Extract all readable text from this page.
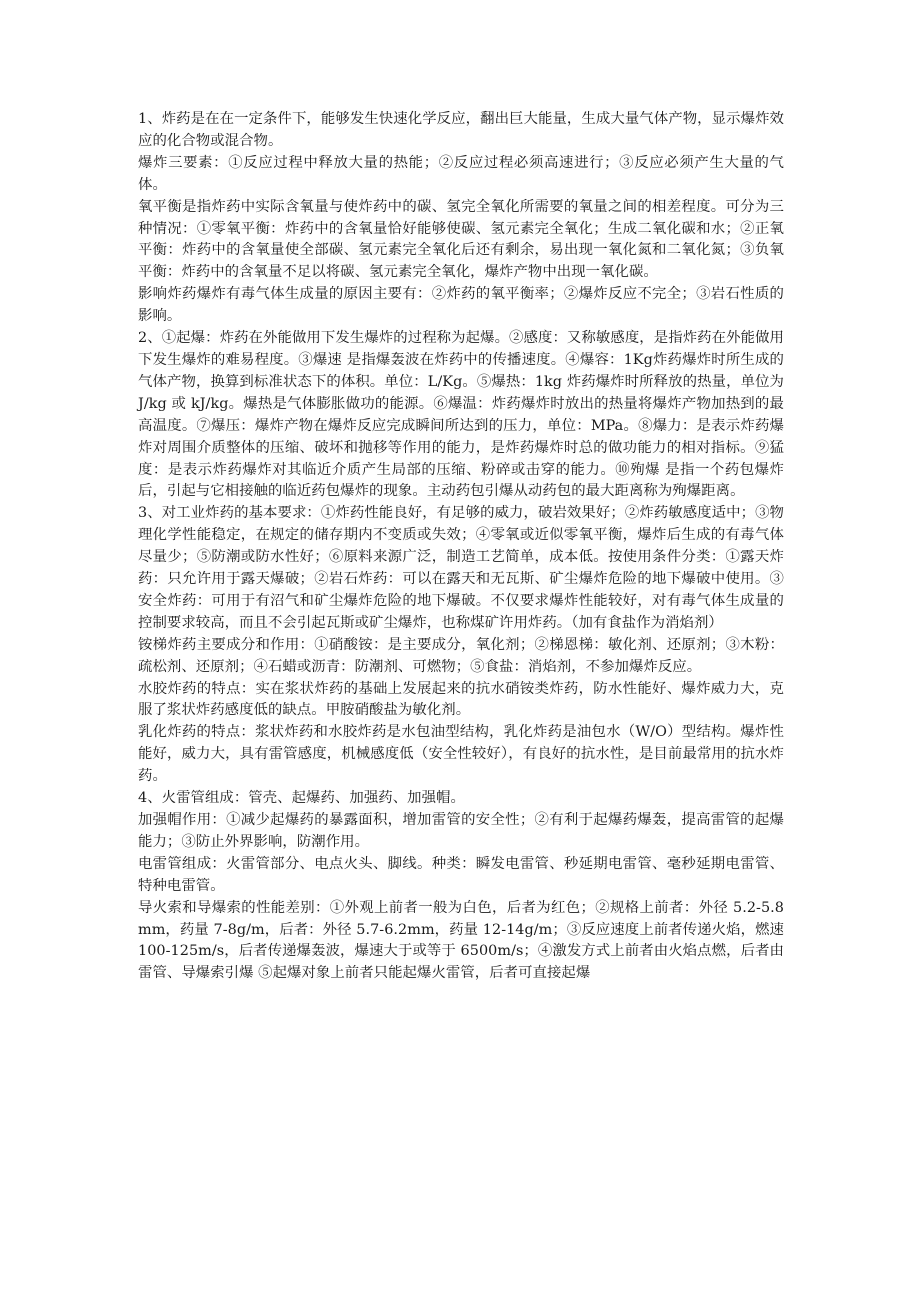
1、炸药是在在一定条件下，能够发生快速化学反应，翻出巨大能量，生成大量气体产物，显示爆炸效应的化合物或混合物。

爆炸三要素：①反应过程中释放大量的热能；②反应过程必须高速进行；③反应必须产生大量的气体。

氧平衡是指炸药中实际含氧量与使炸药中的碳、氢完全氧化所需要的氧量之间的相差程度。可分为三种情况：①零氧平衡：炸药中的含氧量恰好能够使碳、氢元素完全氧化；生成二氧化碳和水；②正氧平衡：炸药中的含氧量使全部碳、氢元素完全氧化后还有剩余，易出现一氧化氮和二氧化氮；③负氧平衡：炸药中的含氧量不足以将碳、氢元素完全氧化，爆炸产物中出现一氧化碳。

影响炸药爆炸有毒气体生成量的原因主要有：②炸药的氧平衡率；②爆炸反应不完全；③岩石性质的影响。

2、①起爆：炸药在外能做用下发生爆炸的过程称为起爆。②感度：又称敏感度，是指炸药在外能做用下发生爆炸的难易程度。③爆速 是指爆轰波在炸药中的传播速度。④爆容：1Kg炸药爆炸时所生成的气体产物，换算到标准状态下的体积。单位：L/Kg。⑤爆热：1kg 炸药爆炸时所释放的热量，单位为 J/kg 或 kJ/kg。爆热是气体膨胀做功的能源。⑥爆温：炸药爆炸时放出的热量将爆炸产物加热到的最高温度。⑦爆压：爆炸产物在爆炸反应完成瞬间所达到的压力，单位：MPa。⑧爆力：是表示炸药爆炸对周围介质整体的压缩、破坏和抛移等作用的能力，是炸药爆炸时总的做功能力的相对指标。⑨猛度：是表示炸药爆炸对其临近介质产生局部的压缩、粉碎或击穿的能力。⑩殉爆 是指一个药包爆炸后，引起与它相接触的临近药包爆炸的现象。主动药包引爆从动药包的最大距离称为殉爆距离。

3、对工业炸药的基本要求：①炸药性能良好，有足够的威力，破岩效果好；②炸药敏感度适中；③物理化学性能稳定，在规定的储存期内不变质或失效；④零氧或近似零氧平衡，爆炸后生成的有毒气体尽量少；⑤防潮或防水性好；⑥原料来源广泛，制造工艺简单，成本低。按使用条件分类：①露天炸药：只允许用于露天爆破；②岩石炸药：可以在露天和无瓦斯、矿尘爆炸危险的地下爆破中使用。③安全炸药：可用于有沼气和矿尘爆炸危险的地下爆破。不仅要求爆炸性能较好，对有毒气体生成量的控制要求较高，而且不会引起瓦斯或矿尘爆炸，也称煤矿许用炸药。（加有食盐作为消焰剂）

铵梯炸药主要成分和作用：①硝酸铵：是主要成分，氧化剂；②梯恩梯：敏化剂、还原剂；③木粉：疏松剂、还原剂；④石蜡或沥青：防潮剂、可燃物；⑤食盐：消焰剂，不参加爆炸反应。

水胶炸药的特点：实在浆状炸药的基础上发展起来的抗水硝铵类炸药，防水性能好、爆炸威力大，克服了浆状炸药感度低的缺点。甲胺硝酸盐为敏化剂。

乳化炸药的特点：浆状炸药和水胶炸药是水包油型结构，乳化炸药是油包水（W/O）型结构。爆炸性能好，威力大，具有雷管感度，机械感度低（安全性较好），有良好的抗水性，是目前最常用的抗水炸药。

4、火雷管组成：管壳、起爆药、加强药、加强帽。

加强帽作用：①减少起爆药的暴露面积，增加雷管的安全性；②有利于起爆药爆轰，提高雷管的起爆能力；③防止外界影响，防潮作用。

电雷管组成：火雷管部分、电点火头、脚线。种类：瞬发电雷管、秒延期电雷管、毫秒延期电雷管、特种电雷管。

导火索和导爆索的性能差别：①外观上前者一般为白色，后者为红色；②规格上前者：外径 5.2-5.8mm，药量 7-8g/m，后者：外径 5.7-6.2mm，药量 12-14g/m；③反应速度上前者传递火焰，燃速 100-125m/s，后者传递爆轰波，爆速大于或等于 6500m/s；④激发方式上前者由火焰点燃，后者由雷管、导爆索引爆 ⑤起爆对象上前者只能起爆火雷管，后者可直接起爆
